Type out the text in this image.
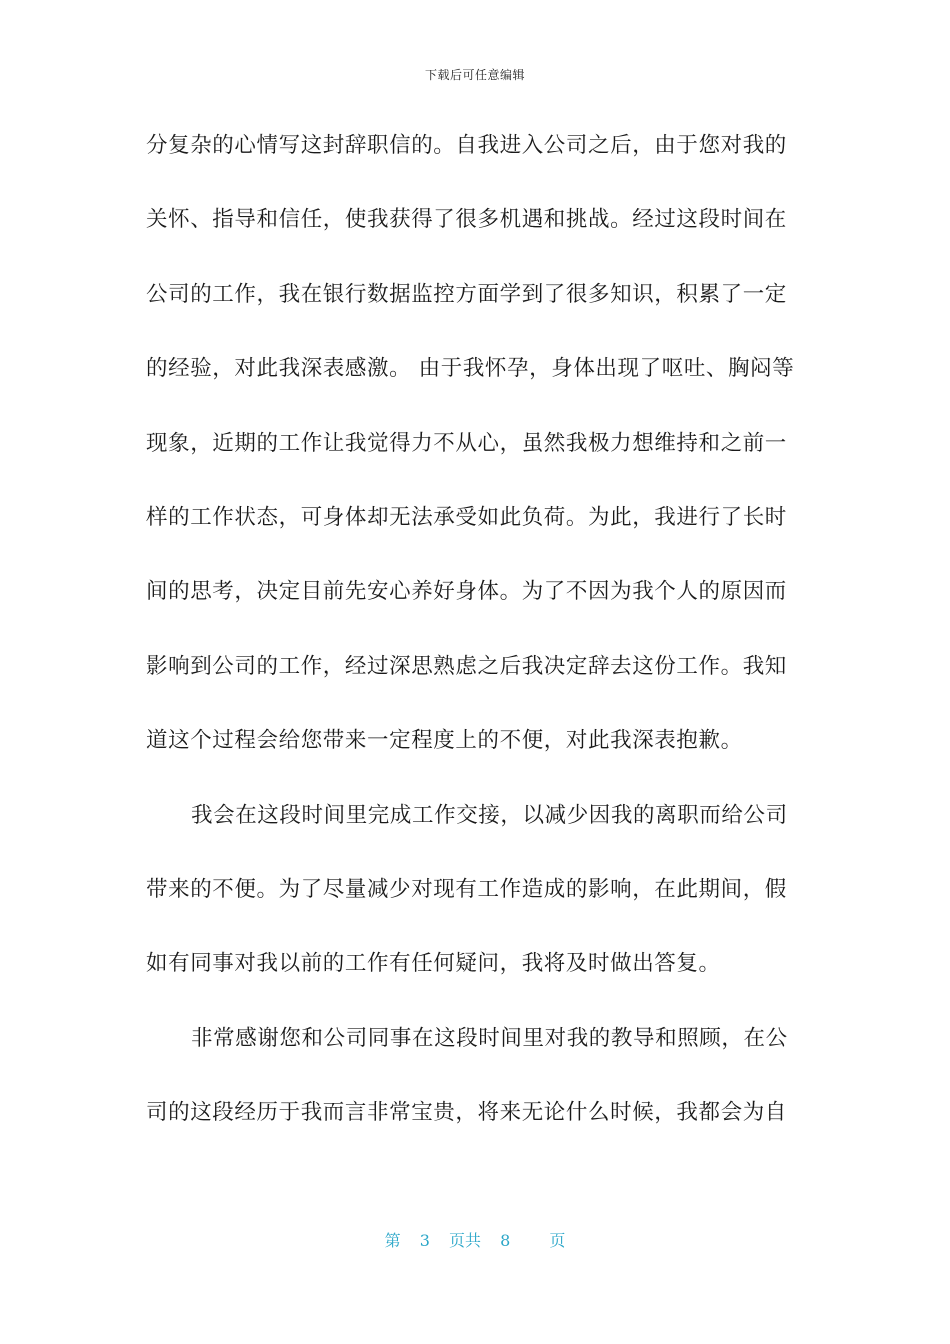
下载后可任意编辑
分复杂的心情写这封辞职信的。自我进入公司之后，由于您对我的
关怀、指导和信任，使我获得了很多机遇和挑战。经过这段时间在
公司的工作，我在银行数据监控方面学到了很多知识，积累了一定
的经验，对此我深表感激。 由于我怀孕，身体出现了呕吐、胸闷等
现象，近期的工作让我觉得力不从心，虽然我极力想维持和之前一
样的工作状态，可身体却无法承受如此负荷。为此，我进行了长时
间的思考，决定目前先安心养好身体。为了不因为我个人的原因而
影响到公司的工作，经过深思熟虑之后我决定辞去这份工作。我知
道这个过程会给您带来一定程度上的不便，对此我深表抱歉。
我会在这段时间里完成工作交接，以减少因我的离职而给公司
带来的不便。为了尽量减少对现有工作造成的影响，在此期间，假
如有同事对我以前的工作有任何疑问，我将及时做出答复。
非常感谢您和公司同事在这段时间里对我的教导和照顾，在公
司的这段经历于我而言非常宝贵，将来无论什么时候，我都会为自
第 3 页共 8 页
